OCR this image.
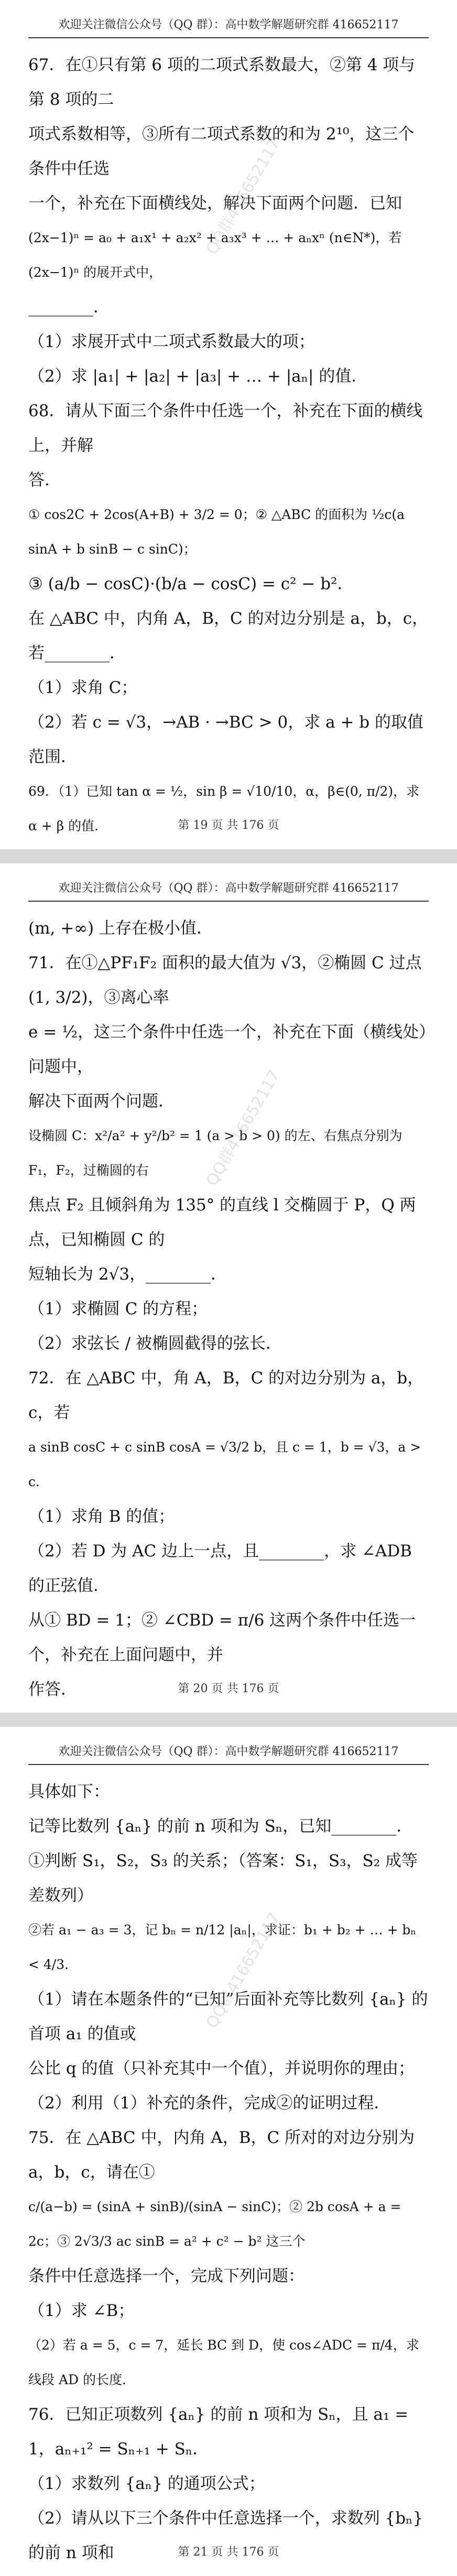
欢迎关注微信公众号（QQ 群）：高中数学解题研究群 416652117

67．在①只有第 6 项的二项式系数最大，②第 4 项与第 8 项的二

项式系数相等，③所有二项式系数的和为 2¹⁰，这三个条件中任选

一个，补充在下面横线处，解决下面两个问题．已知

(2x−1)ⁿ = a₀ + a₁x¹ + a₂x² + a₃x³ + … + aₙxⁿ (n∈N*)，若 (2x−1)ⁿ 的展开式中，

________．

（1）求展开式中二项式系数最大的项；

（2）求 |a₁| + |a₂| + |a₃| + … + |aₙ| 的值．

68．请从下面三个条件中任选一个，补充在下面的横线上，并解

答．

① cos2C + 2cos(A+B) + 3/2 = 0；② △ABC 的面积为 ½c(a sinA + b sinB − c sinC)；

③ (a/b − cosC)·(b/a − cosC) = c² − b²．

在 △ABC 中，内角 A，B，C 的对边分别是 a，b，c，若________．

（1）求角 C；

（2）若 c = √3，→AB · →BC > 0，求 a + b 的取值范围．

69．（1）已知 tan α = ½，sin β = √10/10，α，β∈(0, π/2)，求 α + β 的值．

QQ群416652117
第 19 页 共 176 页
欢迎关注微信公众号（QQ 群）：高中数学解题研究群 416652117

(m, +∞) 上存在极小值．

71．在①△PF₁F₂ 面积的最大值为 √3，②椭圆 C 过点 (1, 3/2)，③离心率

e = ½，这三个条件中任选一个，补充在下面（横线处）问题中，

解决下面两个问题．

设椭圆 C：x²/a² + y²/b² = 1 (a > b > 0) 的左、右焦点分别为 F₁，F₂，过椭圆的右

焦点 F₂ 且倾斜角为 135° 的直线 l 交椭圆于 P，Q 两点，已知椭圆 C 的

短轴长为 2√3，________．

（1）求椭圆 C 的方程；

（2）求弦长 / 被椭圆截得的弦长．

72．在 △ABC 中，角 A，B，C 的对边分别为 a，b，c，若

a sinB cosC + c sinB cosA = √3/2 b，且 c = 1，b = √3，a > c．

（1）求角 B 的值；

（2）若 D 为 AC 边上一点，且________，求 ∠ADB 的正弦值．

从① BD = 1；② ∠CBD = π/6 这两个条件中任选一个，补充在上面问题中，并

作答．

QQ群416652117
第 20 页 共 176 页
欢迎关注微信公众号（QQ 群）：高中数学解题研究群 416652117

具体如下：

记等比数列 {aₙ} 的前 n 项和为 Sₙ，已知________．

①判断 S₁，S₂，S₃ 的关系；（答案：S₁，S₃，S₂ 成等差数列）

②若 a₁ − a₃ = 3，记 bₙ = n/12 |aₙ|，求证：b₁ + b₂ + … + bₙ < 4/3．

（1）请在本题条件的“已知”后面补充等比数列 {aₙ} 的首项 a₁ 的值或

公比 q 的值（只补充其中一个值），并说明你的理由；

（2）利用（1）补充的条件，完成②的证明过程．

75．在 △ABC 中，内角 A，B，C 所对的对边分别为 a，b，c，请在①

c/(a−b) = (sinA + sinB)/(sinA − sinC)；② 2b cosA + a = 2c；③ 2√3/3 ac sinB = a² + c² − b² 这三个

条件中任意选择一个，完成下列问题：

（1）求 ∠B；

（2）若 a = 5，c = 7，延长 BC 到 D，使 cos∠ADC = π/4，求线段 AD 的长度．

76．已知正项数列 {aₙ} 的前 n 项和为 Sₙ，且 a₁ = 1，aₙ₊₁² = Sₙ₊₁ + Sₙ．

（1）求数列 {aₙ} 的通项公式；

（2）请从以下三个条件中任意选择一个，求数列 {bₙ} 的前 n 项和

QQ群416652117
第 21 页 共 176 页
